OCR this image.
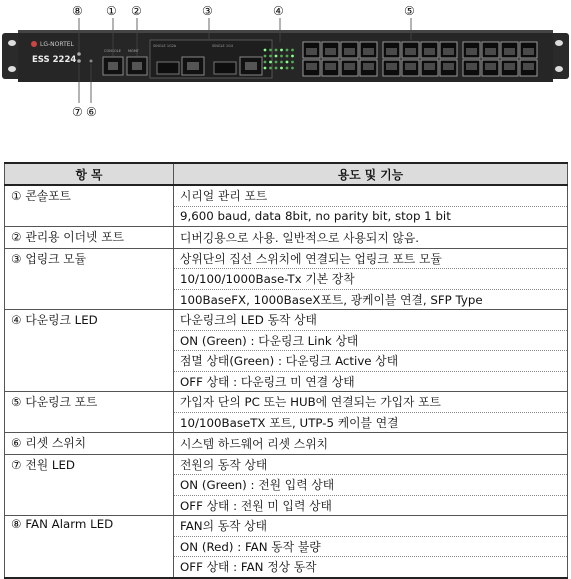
LG-NORTEL
ESS 2224
CONSOLE MGMT
SINGLE 1G2b	SINGLE 1G4
⑧ ① ②	③	④	⑤
⑦ ⑥
항 목	용도 및 기능
① 콘솔포트	시리얼 관리 포트
	9,600 baud, data 8bit, no parity bit, stop 1 bit
② 관리용 이더넷 포트	디버깅용으로 사용. 일반적으로 사용되지 않음.
③ 업링크 모듈	상위단의 집선 스위치에 연결되는 업링크 포트 모듈
	10/100/1000Base-Tx 기본 장착
	100BaseFX, 1000BaseX포트, 광케이블 연결, SFP Type
④ 다운링크 LED	다운링크의 LED 동작 상태
	ON (Green) : 다운링크 Link 상태
	점멸 상태(Green) : 다운링크 Active 상태
	OFF 상태 : 다운링크 미 연결 상태
⑤ 다운링크 포트	가입자 단의 PC 또는 HUB에 연결되는 가입자 포트
	10/100BaseTX 포트, UTP-5 케이블 연결
⑥ 리셋 스위치	시스템 하드웨어 리셋 스위치
⑦ 전원 LED	전원의 동작 상태
	ON (Green) : 전원 입력 상태
	OFF 상태 : 전원 미 입력 상태
⑧ FAN Alarm LED	FAN의 동작 상태
	ON (Red) : FAN 동작 불량
	OFF 상태 : FAN 정상 동작
